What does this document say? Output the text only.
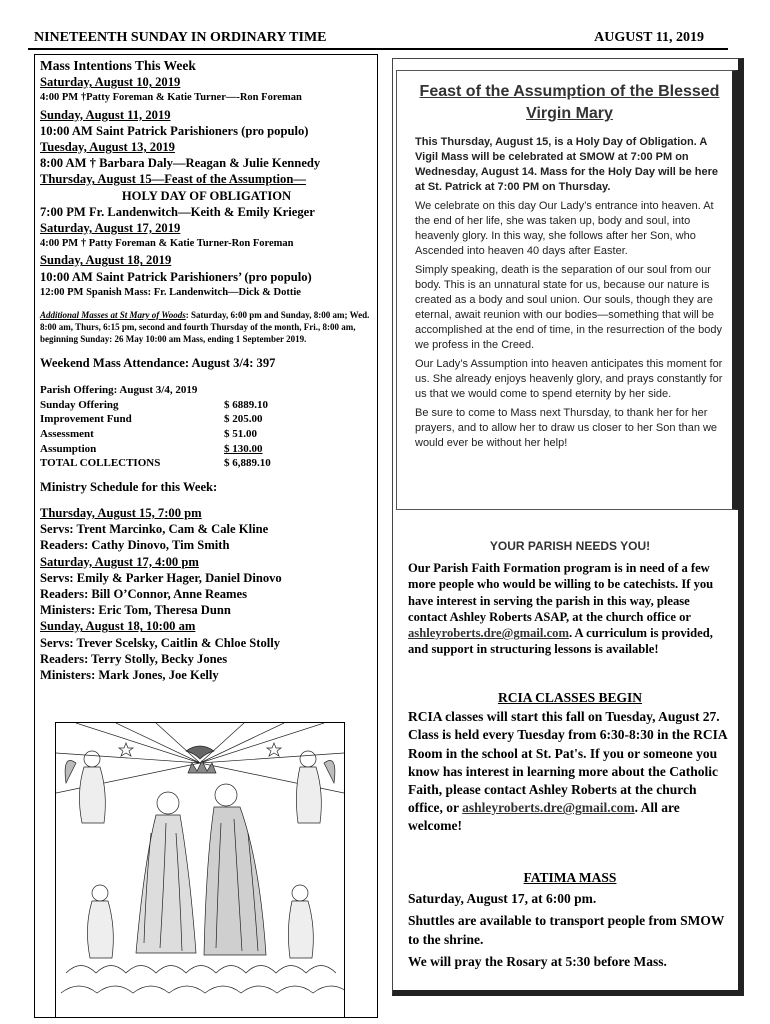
NINETEENTH SUNDAY IN ORDINARY TIME	AUGUST 11, 2019
Mass Intentions This Week
Saturday, August 10, 2019
4:00 PM †Patty Foreman & Katie Turner—-Ron Foreman
Sunday, August 11, 2019
10:00 AM Saint Patrick Parishioners (pro populo)
Tuesday, August 13, 2019
8:00 AM † Barbara Daly—Reagan & Julie Kennedy
Thursday, August 15—Feast of the Assumption—
HOLY DAY OF OBLIGATION
7:00 PM Fr. Landenwitch—Keith & Emily Krieger
Saturday, August 17, 2019
4:00 PM † Patty Foreman & Katie Turner-Ron Foreman
Sunday, August 18, 2019
10:00 AM Saint Patrick Parishioners’ (pro populo)
12:00 PM Spanish Mass: Fr. Landenwitch—Dick & Dottie
Additional Masses at St Mary of Woods: Saturday, 6:00 pm and Sunday, 8:00 am; Wed. 8:00 am, Thurs, 6:15 pm, second and fourth Thursday of the month, Fri., 8:00 am, beginning Sunday: 26 May 10:00 am Mass, ending 1 September 2019.
Weekend Mass Attendance: August 3/4: 397
Parish Offering: August 3/4, 2019
Sunday Offering	$ 6889.10
Improvement Fund	$ 205.00
Assessment	$ 51.00
Assumption	$ 130.00
TOTAL COLLECTIONS	$ 6,889.10
Ministry Schedule for this Week:
Thursday, August 15, 7:00 pm
Servs: Trent Marcinko, Cam & Cale Kline
Readers: Cathy Dinovo, Tim Smith
Saturday, August 17, 4:00 pm
Servs: Emily & Parker Hager, Daniel Dinovo
Readers: Bill O’Connor, Anne Reames
Ministers: Eric Tom, Theresa Dunn
Sunday, August 18, 10:00 am
Servs: Trever Scelsky, Caitlin & Chloe Stolly
Readers: Terry Stolly, Becky Jones
Ministers: Mark Jones, Joe Kelly
Feast of the Assumption of the Blessed Virgin Mary

This Thursday, August 15, is a Holy Day of Obligation. A Vigil Mass will be celebrated at SMOW at 7:00 PM on Wednesday, August 14. Mass for the Holy Day will be here at St. Patrick at 7:00 PM on Thursday.

We celebrate on this day Our Lady’s entrance into heaven. At the end of her life, she was taken up, body and soul, into heavenly glory. In this way, she follows after her Son, who Ascended into heaven 40 days after Easter.

Simply speaking, death is the separation of our soul from our body. This is an unnatural state for us, because our nature is created as a body and soul union. Our souls, though they are eternal, await reunion with our bodies—something that will be accomplished at the end of time, in the resurrection of the body we profess in the Creed.

Our Lady’s Assumption into heaven anticipates this moment for us. She already enjoys heavenly glory, and prays constantly for us that we would come to spend eternity by her side.

Be sure to come to Mass next Thursday, to thank her for her prayers, and to allow her to draw us closer to her Son than we would ever be without her help!

YOUR PARISH NEEDS YOU!
Our Parish Faith Formation program is in need of a few more people who would be willing to be catechists. If you have interest in serving the parish in this way, please contact Ashley Roberts ASAP, at the church office or ashleyroberts.dre@gmail.com. A curriculum is provided, and support in structuring lessons is available!
RCIA CLASSES BEGIN
RCIA classes will start this fall on Tuesday, August 27. Class is held every Tuesday from 6:30-8:30 in the RCIA Room in the school at St. Pat's. If you or someone you know has interest in learning more about the Catholic Faith, please contact Ashley Roberts at the church office, or ashleyroberts.dre@gmail.com. All are welcome!
FATIMA MASS
Saturday, August 17, at 6:00 pm.
Shuttles are available to transport people from SMOW to the shrine.
We will pray the Rosary at 5:30 before Mass.
